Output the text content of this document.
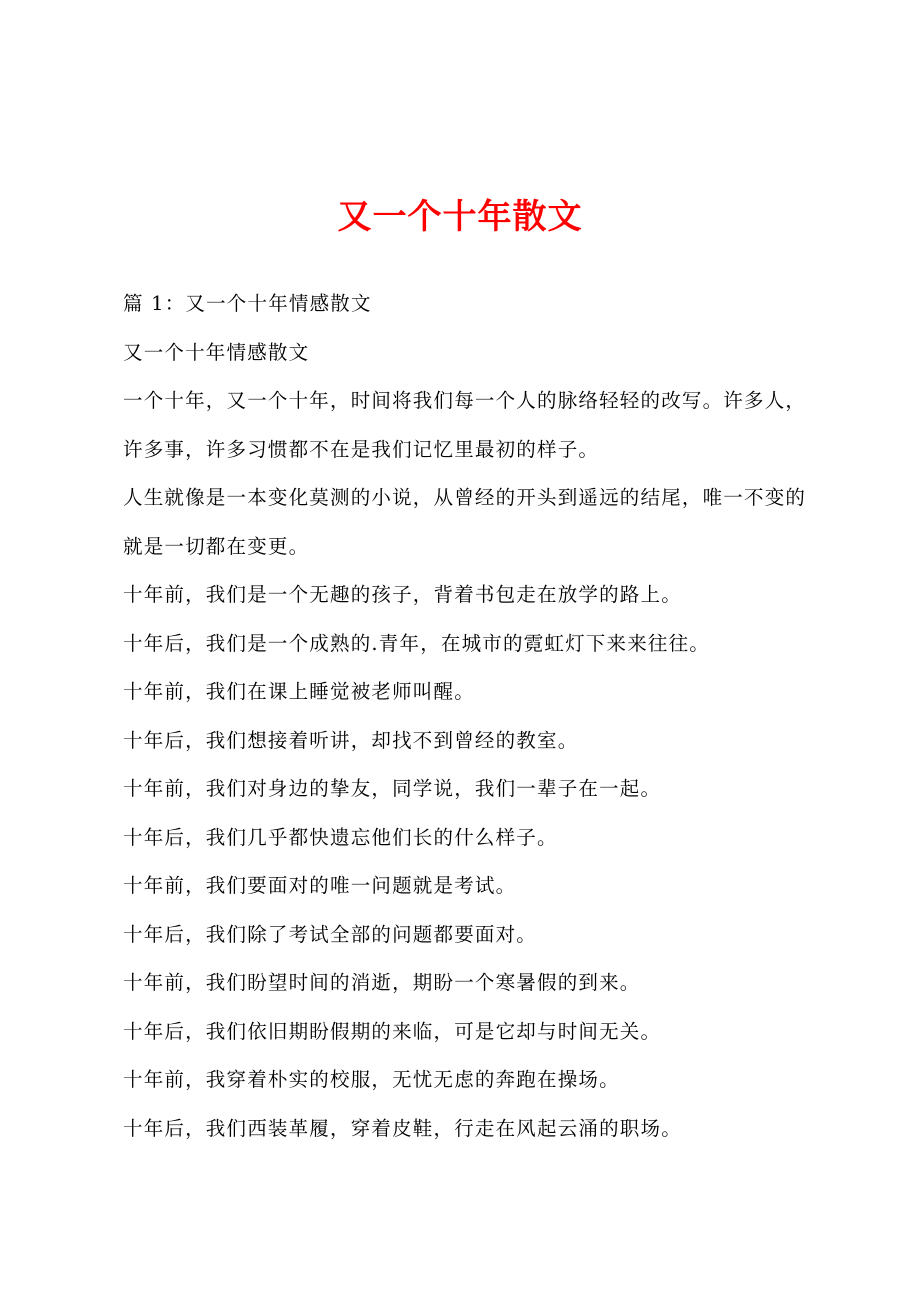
又一个十年散文

篇 1：又一个十年情感散文

又一个十年情感散文

一个十年，又一个十年，时间将我们每一个人的脉络轻轻的改写。许多人，许多事，许多习惯都不在是我们记忆里最初的样子。

人生就像是一本变化莫测的小说，从曾经的开头到遥远的结尾，唯一不变的就是一切都在变更。

十年前，我们是一个无趣的孩子，背着书包走在放学的路上。

十年后，我们是一个成熟的.青年，在城市的霓虹灯下来来往往。

十年前，我们在课上睡觉被老师叫醒。

十年后，我们想接着听讲，却找不到曾经的教室。

十年前，我们对身边的挚友，同学说，我们一辈子在一起。

十年后，我们几乎都快遗忘他们长的什么样子。

十年前，我们要面对的唯一问题就是考试。

十年后，我们除了考试全部的问题都要面对。

十年前，我们盼望时间的消逝，期盼一个寒暑假的到来。

十年后，我们依旧期盼假期的来临，可是它却与时间无关。

十年前，我穿着朴实的校服，无忧无虑的奔跑在操场。

十年后，我们西装革履，穿着皮鞋，行走在风起云涌的职场。
